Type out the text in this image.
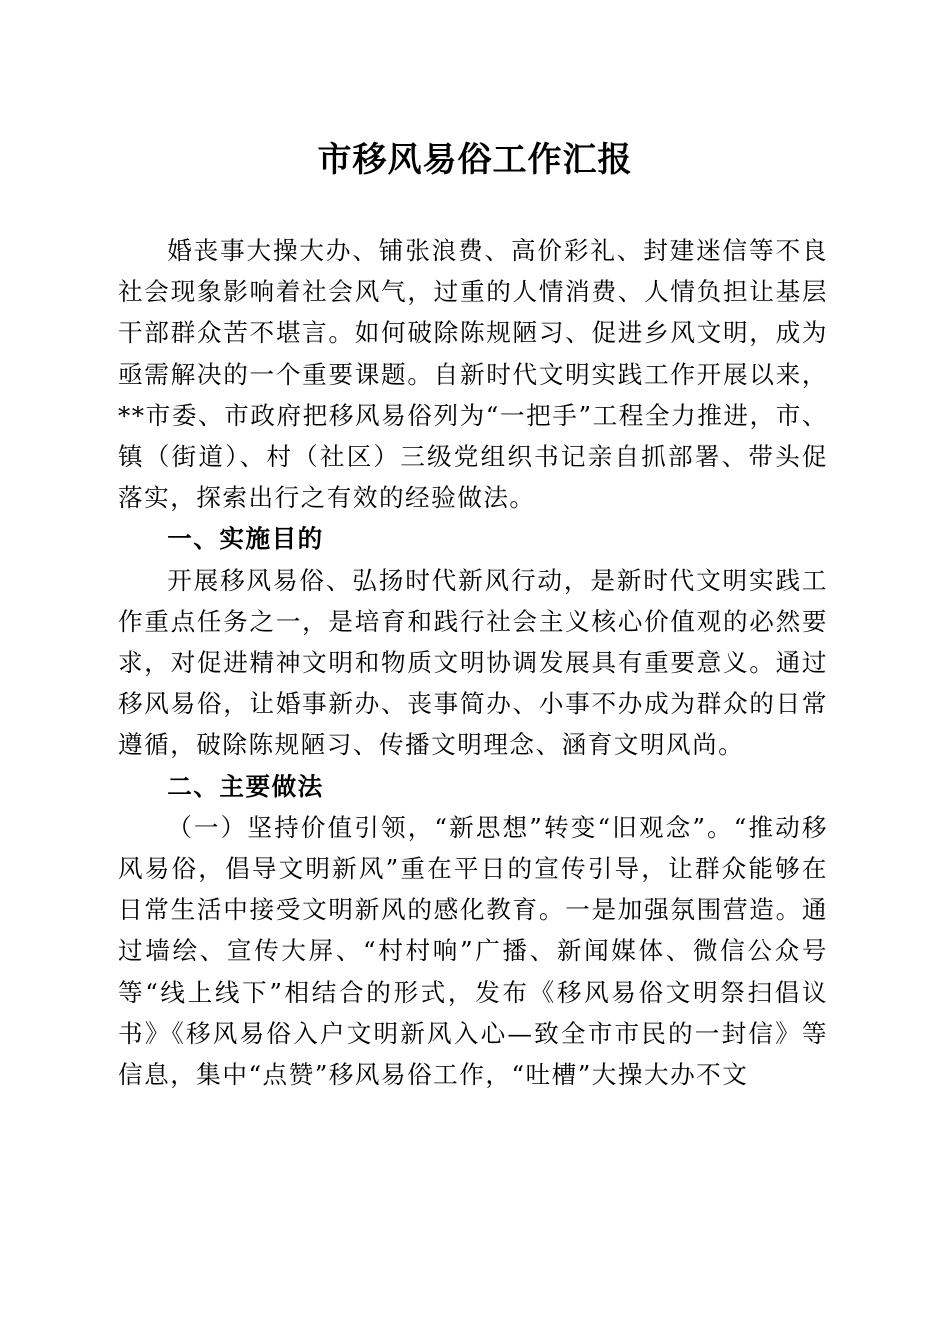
市移风易俗工作汇报

婚丧事大操大办、铺张浪费、高价彩礼、封建迷信等不良社会现象影响着社会风气，过重的人情消费、人情负担让基层干部群众苦不堪言。如何破除陈规陋习、促进乡风文明，成为亟需解决的一个重要课题。自新时代文明实践工作开展以来，**市委、市政府把移风易俗列为“一把手”工程全力推进，市、镇（街道）、村（社区）三级党组织书记亲自抓部署、带头促落实，探索出行之有效的经验做法。

一、实施目的

开展移风易俗、弘扬时代新风行动，是新时代文明实践工作重点任务之一，是培育和践行社会主义核心价值观的必然要求，对促进精神文明和物质文明协调发展具有重要意义。通过移风易俗，让婚事新办、丧事简办、小事不办成为群众的日常遵循，破除陈规陋习、传播文明理念、涵育文明风尚。

二、主要做法

（一）坚持价值引领，“新思想”转变“旧观念”。“推动移风易俗，倡导文明新风”重在平日的宣传引导，让群众能够在日常生活中接受文明新风的感化教育。一是加强氛围营造。通过墙绘、宣传大屏、“村村响”广播、新闻媒体、微信公众号等“线上线下”相结合的形式，发布《移风易俗文明祭扫倡议书》《移风易俗入户文明新风入心—致全市市民的一封信》等信息，集中“点赞”移风易俗工作，“吐槽”大操大办不文
